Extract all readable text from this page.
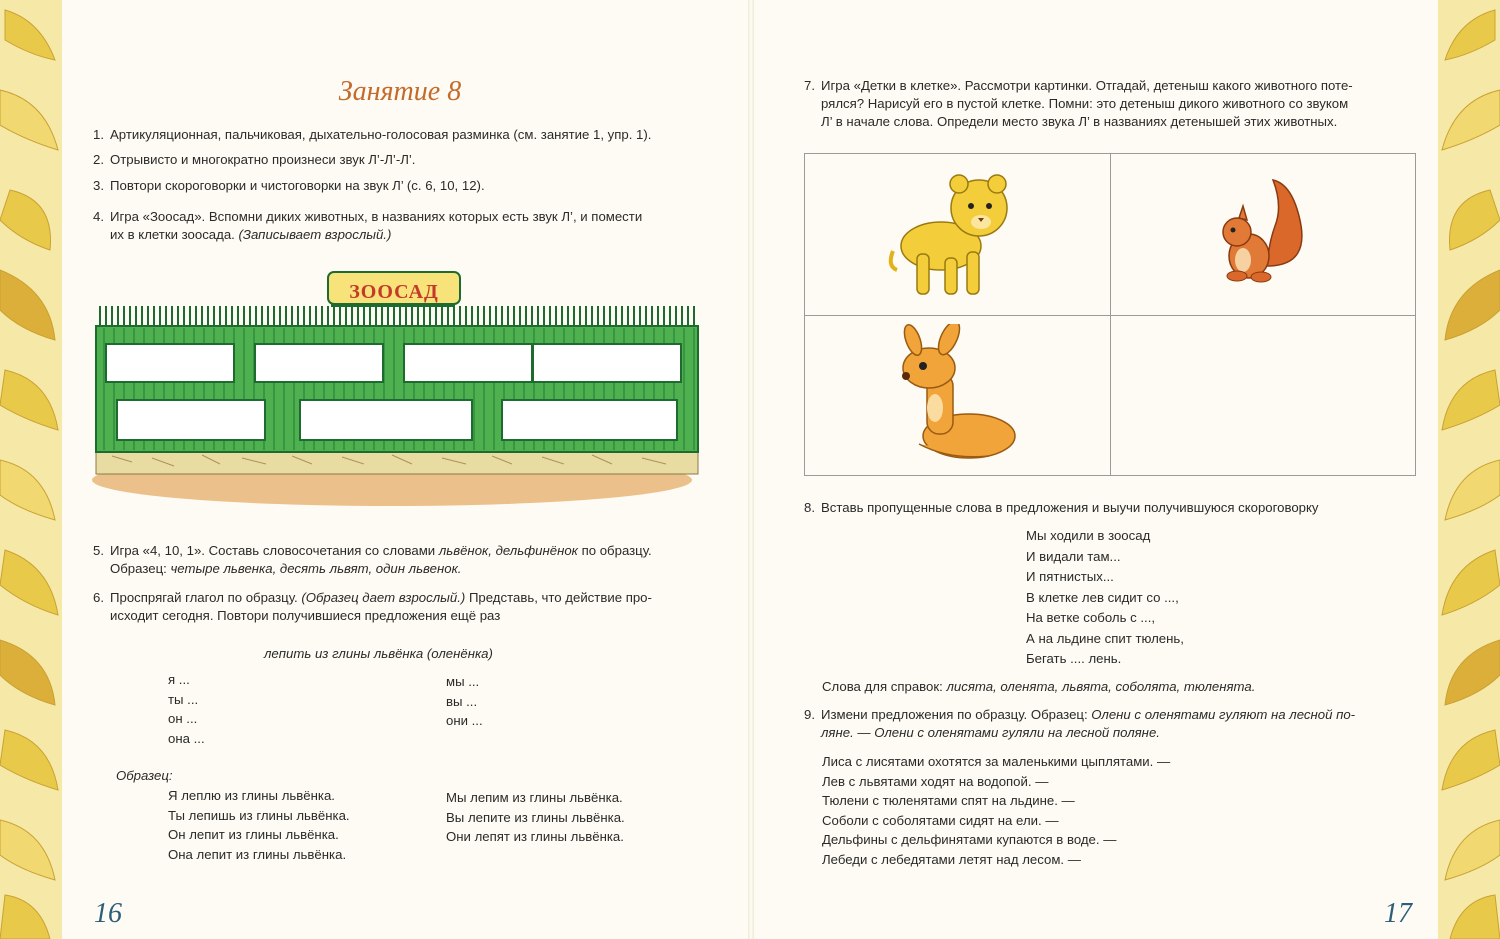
Занятие 8
1. Артикуляционная, пальчиковая, дыхательно-голосовая разминка (см. занятие 1, упр. 1).
2. Отрывисто и многократно произнеси звук Л’-Л’-Л’.
3. Повтори скороговорки и чистоговорки на звук Л’ (с. 6, 10, 12).
4. Игра «Зоосад». Вспомни диких животных, в названиях которых есть звук Л’, и помести
их в клетки зоосада. (Записывает взрослый.)
ЗООСАД
5. Игра «4, 10, 1». Составь словосочетания со словами львёнок, дельфинёнок по образцу.
Образец: четыре львенка, десять львят, один львенок.
6. Проспрягай глагол по образцу. (Образец дает взрослый.) Представь, что действие про-
исходит сегодня. Повтори получившиеся предложения ещё раз
лепить из глины львёнка (оленёнка)
я ...
ты ...
он ...
она ...
мы ...
вы ...
они ...
Образец:
Я леплю из глины львёнка.
Ты лепишь из глины львёнка.
Он лепит из глины львёнка.
Она лепит из глины львёнка.
Мы лепим из глины львёнка.
Вы лепите из глины львёнка.
Они лепят из глины львёнка.
16
7. Игра «Детки в клетке». Рассмотри картинки. Отгадай, детеныш какого животного поте-
рялся? Нарисуй его в пустой клетке. Помни: это детеныш дикого животного со звуком
Л’ в начале слова. Определи место звука Л’ в названиях детенышей этих животных.
8. Вставь пропущенные слова в предложения и выучи получившуюся скороговорку
Мы ходили в зоосад
И видали там...
И пятнистых...
В клетке лев сидит со ...,
На ветке соболь с ...,
А на льдине спит тюлень,
Бегать .... лень.
Слова для справок: лисята, оленята, львята, соболята, тюленята.
9. Измени предложения по образцу. Образец: Олени с оленятами гуляют на лесной по-
ляне. — Олени с оленятами гуляли на лесной поляне.
Лиса с лисятами охотятся за маленькими цыплятами. —
Лев с львятами ходят на водопой. —
Тюлени с тюленятами спят на льдине. —
Соболи с соболятами сидят на ели. —
Дельфины с дельфинятами купаются в воде. —
Лебеди с лебедятами летят над лесом. —
17
